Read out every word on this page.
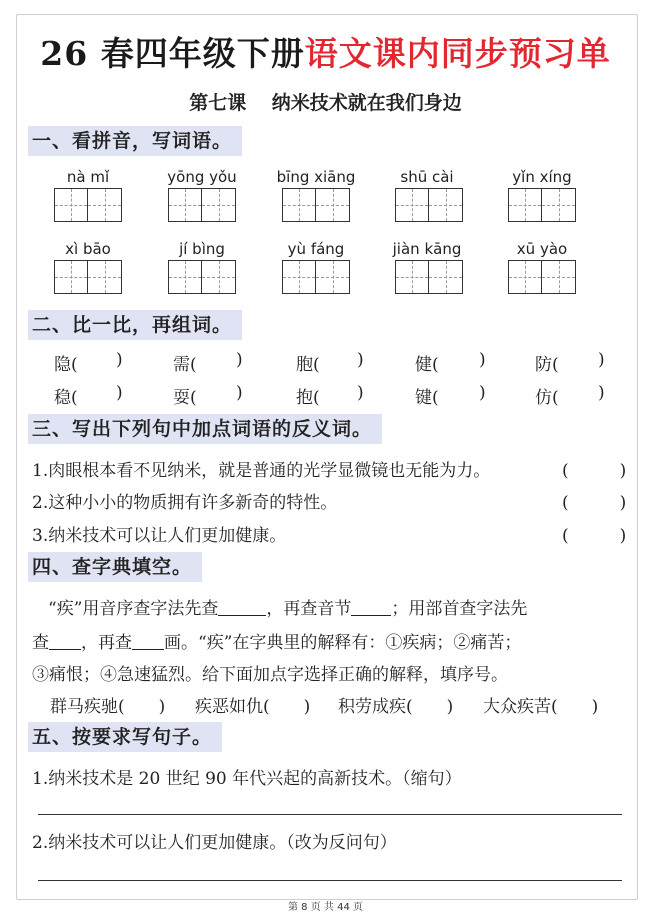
26 春四年级下册语文课内同步预习单
第七课　 纳米技术就在我们身边
一、看拼音，写词语。
nà mǐ	yōng yǒu	bīng xiāng	shū cài	yǐn xíng
xì bāo	jí bìng	yù fáng	jiàn kāng	xū yào
二、比一比，再组词。
隐( )	需( )	胞( )	健( )	防( )
稳( )	耍( )	抱( )	键( )	仿( )
三、写出下列句中加点词语的反义词。
1.肉眼根本看不见纳米，就是普通的光学显微镜也无能为力。	(　　　)
2.这种小小的物质拥有许多新奇的特性。	(　　　)
3.纳米技术可以让人们更加健康。	(　　　)
四、查字典填空。
“疾”用音序查字法先查	，再查音节 ；用部首查字法先
查 ，再查 画。“疾”在字典里的解释有：①疾病；②痛苦；
③痛恨；④急速猛烈。给下面加点字选择正确的解释，填序号。
群马疾驰(　　) 疾恶如仇(　　) 积劳成疾(　　) 大众疾苦(　　)
五、按要求写句子。
1.纳米技术是 20 世纪 90 年代兴起的高新技术。（缩句）
2.纳米技术可以让人们更加健康。（改为反问句）
第 8 页 共 44 页
